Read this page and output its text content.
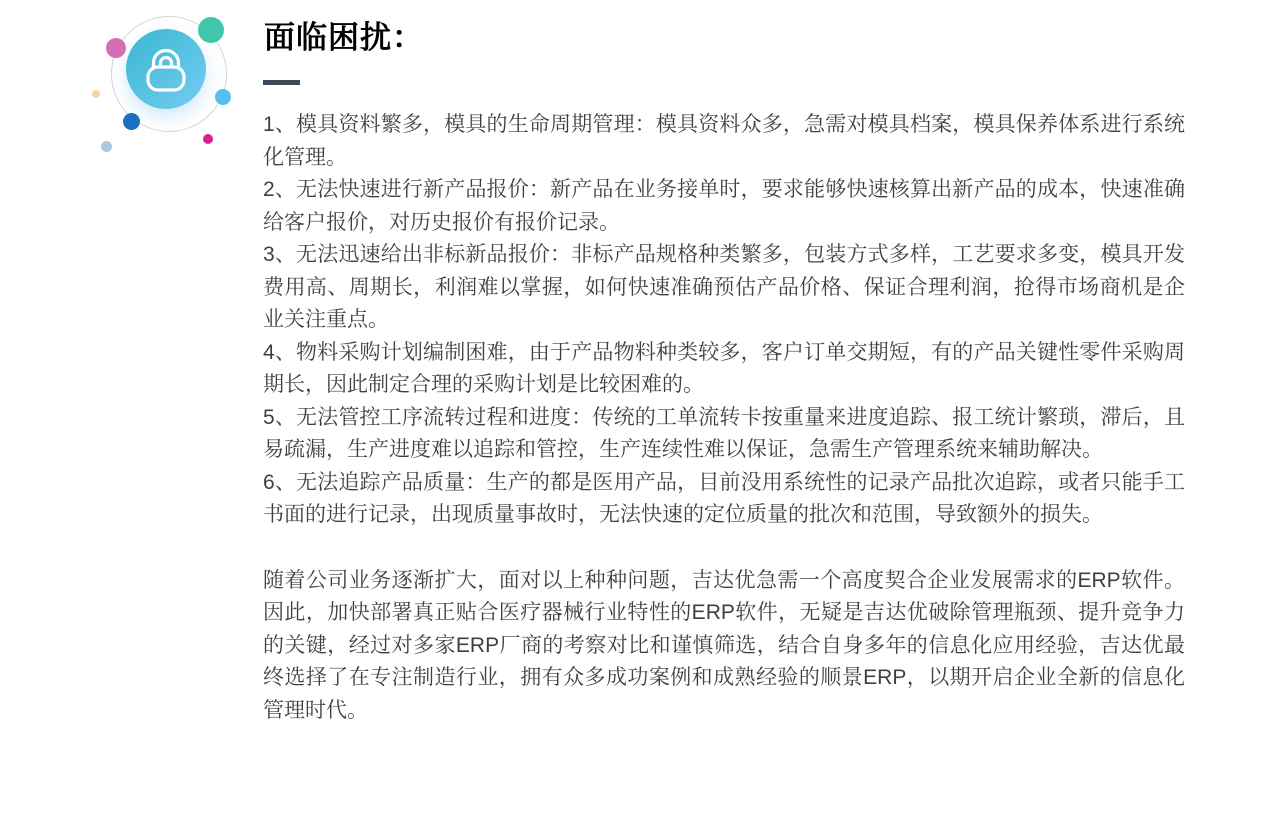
面临困扰：

1、模具资料繁多，模具的生命周期管理：模具资料众多，急需对模具档案，模具保养体系进行系统化管理。

2、无法快速进行新产品报价：新产品在业务接单时，要求能够快速核算出新产品的成本，快速准确给客户报价，对历史报价有报价记录。

3、无法迅速给出非标新品报价：非标产品规格种类繁多，包装方式多样，工艺要求多变，模具开发费用高、周期长，利润难以掌握，如何快速准确预估产品价格、保证合理利润，抢得市场商机是企业关注重点。

4、物料采购计划编制困难，由于产品物料种类较多，客户订单交期短，有的产品关键性零件采购周期长，因此制定合理的采购计划是比较困难的。

5、无法管控工序流转过程和进度：传统的工单流转卡按重量来进度追踪、报工统计繁琐，滞后，且易疏漏，生产进度难以追踪和管控，生产连续性难以保证，急需生产管理系统来辅助解决。

6、无法追踪产品质量：生产的都是医用产品，目前没用系统性的记录产品批次追踪，或者只能手工书面的进行记录，出现质量事故时，无法快速的定位质量的批次和范围，导致额外的损失。

随着公司业务逐渐扩大，面对以上种种问题，吉达优急需一个高度契合企业发展需求的ERP软件。因此，加快部署真正贴合医疗器械行业特性的ERP软件，无疑是吉达优破除管理瓶颈、提升竞争力的关键，经过对多家ERP厂商的考察对比和谨慎筛选，结合自身多年的信息化应用经验，吉达优最终选择了在专注制造行业，拥有众多成功案例和成熟经验的顺景ERP，以期开启企业全新的信息化管理时代。
